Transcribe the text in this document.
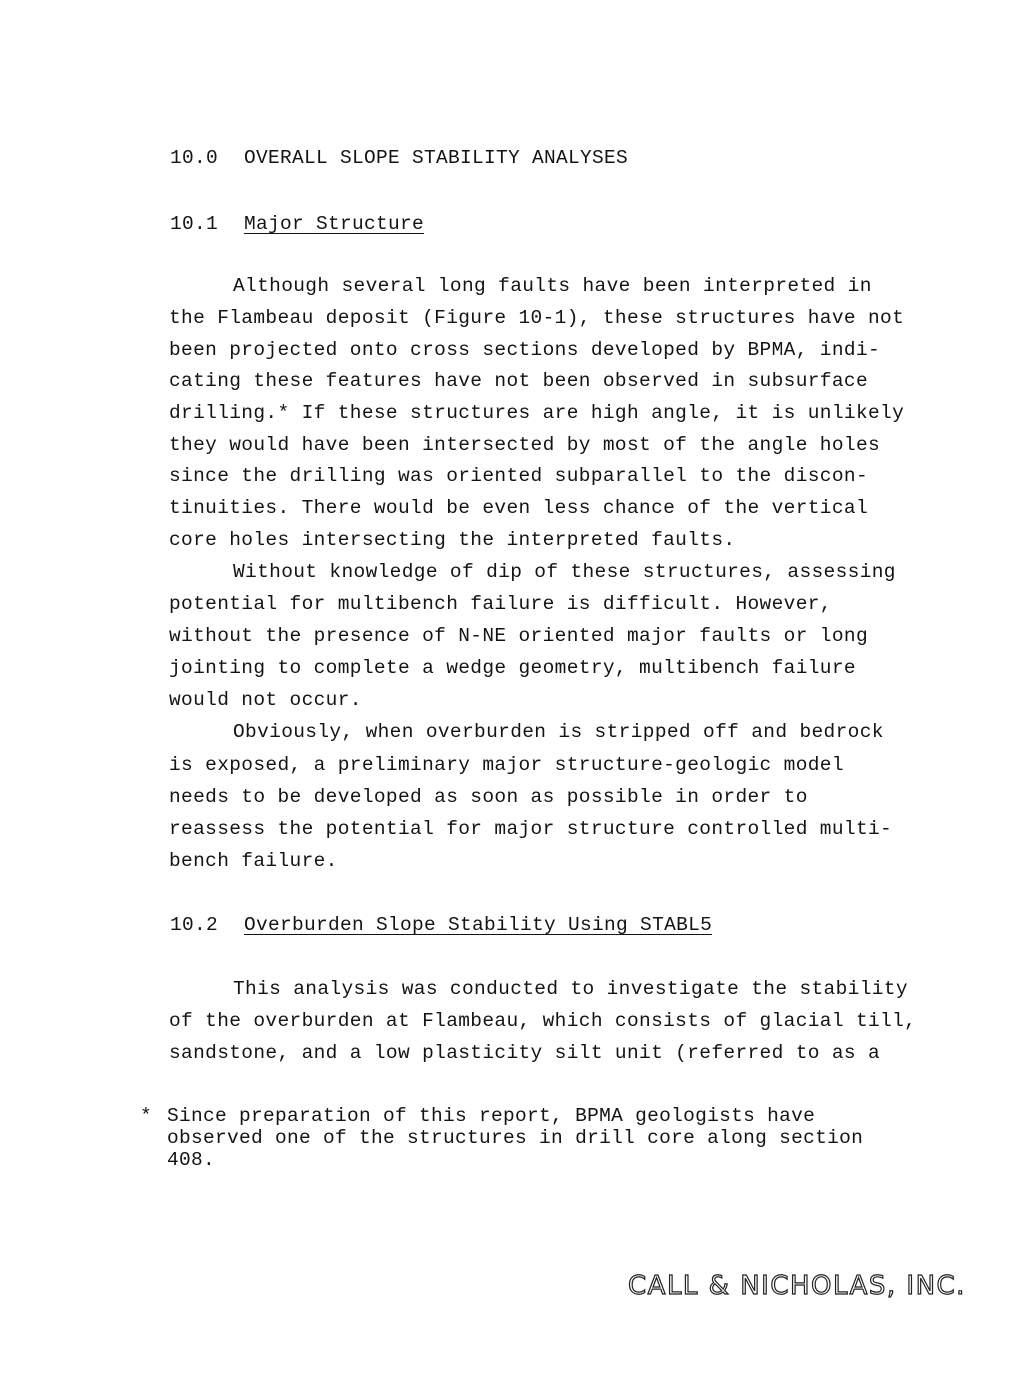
10.0 OVERALL SLOPE STABILITY ANALYSES
10.1 Major Structure
Although several long faults have been interpreted in
the Flambeau deposit (Figure 10-1), these structures have not
been projected onto cross sections developed by BPMA, indi-
cating these features have not been observed in subsurface
drilling.* If these structures are high angle, it is unlikely
they would have been intersected by most of the angle holes
since the drilling was oriented subparallel to the discon-
tinuities. There would be even less chance of the vertical
core holes intersecting the interpreted faults.
Without knowledge of dip of these structures, assessing
potential for multibench failure is difficult. However,
without the presence of N-NE oriented major faults or long
jointing to complete a wedge geometry, multibench failure
would not occur.
Obviously, when overburden is stripped off and bedrock
is exposed, a preliminary major structure-geologic model
needs to be developed as soon as possible in order to
reassess the potential for major structure controlled multi-
bench failure.
10.2 Overburden Slope Stability Using STABL5
This analysis was conducted to investigate the stability
of the overburden at Flambeau, which consists of glacial till,
sandstone, and a low plasticity silt unit (referred to as a
* Since preparation of this report, BPMA geologists have
observed one of the structures in drill core along section
408.
CALL & NICHOLAS, INC.
